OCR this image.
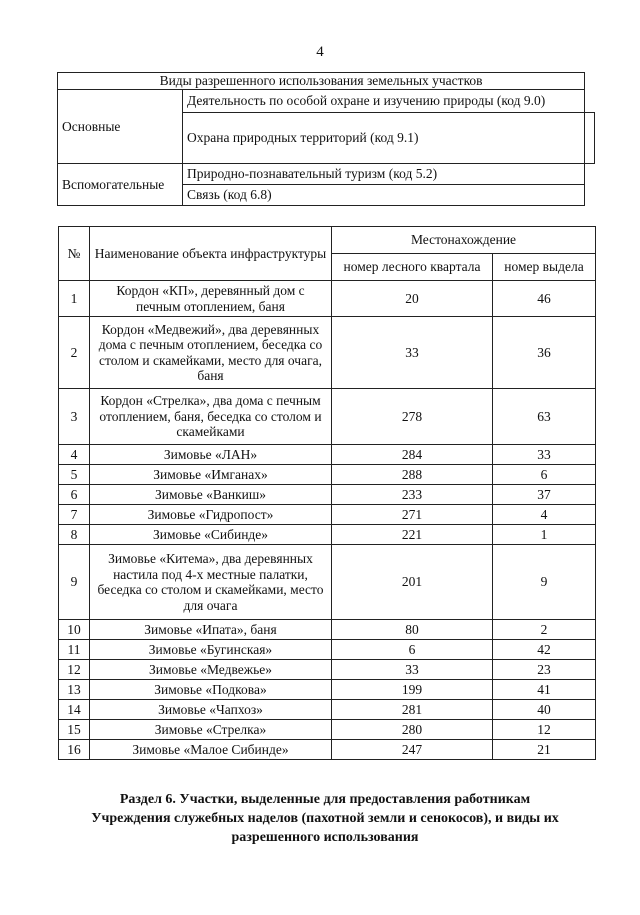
4
Виды разрешенного использования земельных участков		
Основные	Деятельность по особой охране и изучению природы (код 9.0)	
	Охрана природных территорий (код 9.1)	

Вспомогательные	Природно-познавательный туризм (код 5.2)	
	Связь (код 6.8)	
№	Наименование объекта инфраструктуры	Местонахождение	
		номер лесного квартала	номер выдела
1	Кордон «КП», деревянный дом с печным отоплением, баня	20	46
2	Кордон «Медвежий», два деревянных дома с печным отоплением, беседка со столом и скамейками, место для очага, баня	33	36
3	Кордон «Стрелка», два дома с печным отоплением, баня, беседка со столом и скамейками	278	63
4	Зимовье «ЛАН»	284	33
5	Зимовье «Имганах»	288	6
6	Зимовье «Ванкиш»	233	37
7	Зимовье «Гидропост»	271	4
8	Зимовье «Сибинде»	221	1
9	Зимовье «Китема», два деревянных настила под 4-х местные палатки, беседка со столом и скамейками, место для очага	201	9
10	Зимовье «Ипата», баня	80	2
11	Зимовье «Бугинская»	6	42
12	Зимовье «Медвежье»	33	23
13	Зимовье «Подкова»	199	41
14	Зимовье «Чапхоз»	281	40
15	Зимовье «Стрелка»	280	12
16	Зимовье «Малое Сибинде»	247	21
Раздел 6. Участки, выделенные для предоставления работникам Учреждения служебных наделов (пахотной земли и сенокосов), и виды их разрешенного использования
